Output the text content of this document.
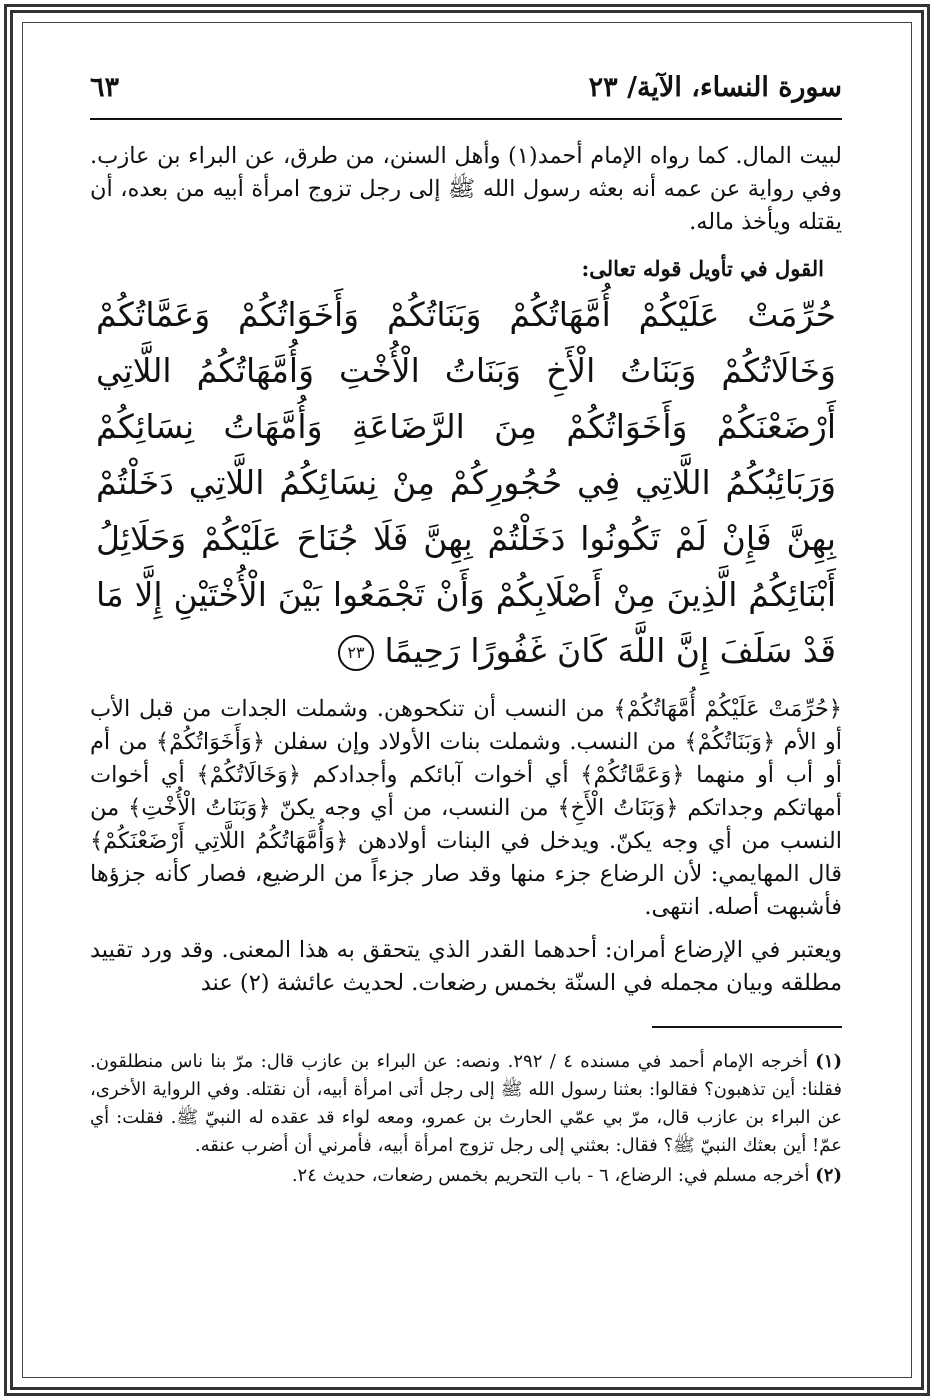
سورة النساء، الآية/ ٢٣
٦٣

لبيت المال. كما رواه الإمام أحمد(١) وأهل السنن، من طرق، عن البراء بن عازب. وفي رواية عن عمه أنه بعثه رسول الله ﷺ إلى رجل تزوج امرأة أبيه من بعده، أن يقتله ويأخذ ماله.

القول في تأويل قوله تعالى:

حُرِّمَتْ عَلَيْكُمْ أُمَّهَاتُكُمْ وَبَنَاتُكُمْ وَأَخَوَاتُكُمْ وَعَمَّاتُكُمْ وَخَالَاتُكُمْ وَبَنَاتُ الْأَخِ وَبَنَاتُ الْأُخْتِ وَأُمَّهَاتُكُمُ اللَّاتِي أَرْضَعْنَكُمْ وَأَخَوَاتُكُمْ مِنَ الرَّضَاعَةِ وَأُمَّهَاتُ نِسَائِكُمْ وَرَبَائِبُكُمُ اللَّاتِي فِي حُجُورِكُمْ مِنْ نِسَائِكُمُ اللَّاتِي دَخَلْتُمْ بِهِنَّ فَإِنْ لَمْ تَكُونُوا دَخَلْتُمْ بِهِنَّ فَلَا جُنَاحَ عَلَيْكُمْ وَحَلَائِلُ أَبْنَائِكُمُ الَّذِينَ مِنْ أَصْلَابِكُمْ وَأَنْ تَجْمَعُوا بَيْنَ الْأُخْتَيْنِ إِلَّا مَا قَدْ سَلَفَ إِنَّ اللَّهَ كَانَ غَفُورًا رَحِيمًا ٢٣

﴿حُرِّمَتْ عَلَيْكُمْ أُمَّهَاتُكُمْ﴾ من النسب أن تنكحوهن. وشملت الجدات من قبل الأب أو الأم ﴿وَبَنَاتُكُمْ﴾ من النسب. وشملت بنات الأولاد وإن سفلن ﴿وَأَخَوَاتُكُمْ﴾ من أم أو أب أو منهما ﴿وَعَمَّاتُكُمْ﴾ أي أخوات آبائكم وأجدادكم ﴿وَخَالَاتُكُمْ﴾ أي أخوات أمهاتكم وجداتكم ﴿وَبَنَاتُ الْأَخِ﴾ من النسب، من أي وجه يكنّ ﴿وَبَنَاتُ الْأُخْتِ﴾ من النسب من أي وجه يكنّ. ويدخل في البنات أولادهن ﴿وَأُمَّهَاتُكُمُ اللَّاتِي أَرْضَعْنَكُمْ﴾ قال المهايمي: لأن الرضاع جزء منها وقد صار جزءاً من الرضيع، فصار كأنه جزؤها فأشبهت أصله. انتهى.

ويعتبر في الإرضاع أمران: أحدهما القدر الذي يتحقق به هذا المعنى. وقد ورد تقييد مطلقه وبيان مجمله في السنّة بخمس رضعات. لحديث عائشة (٢) عند

(١) أخرجه الإمام أحمد في مسنده ٤ / ٢٩٢. ونصه: عن البراء بن عازب قال: مرّ بنا ناس منطلقون. فقلنا: أين تذهبون؟ فقالوا: بعثنا رسول الله ﷺ إلى رجل أتى امرأة أبيه، أن نقتله. وفي الرواية الأخرى، عن البراء بن عازب قال، مرّ بي عمّي الحارث بن عمرو، ومعه لواء قد عقده له النبيّ ﷺ. فقلت: أي عمّ! أين بعثك النبيّ ﷺ؟ فقال: بعثني إلى رجل تزوج امرأة أبيه، فأمرني أن أضرب عنقه.

(٢) أخرجه مسلم في: الرضاع، ٦ - باب التحريم بخمس رضعات، حديث ٢٤.
